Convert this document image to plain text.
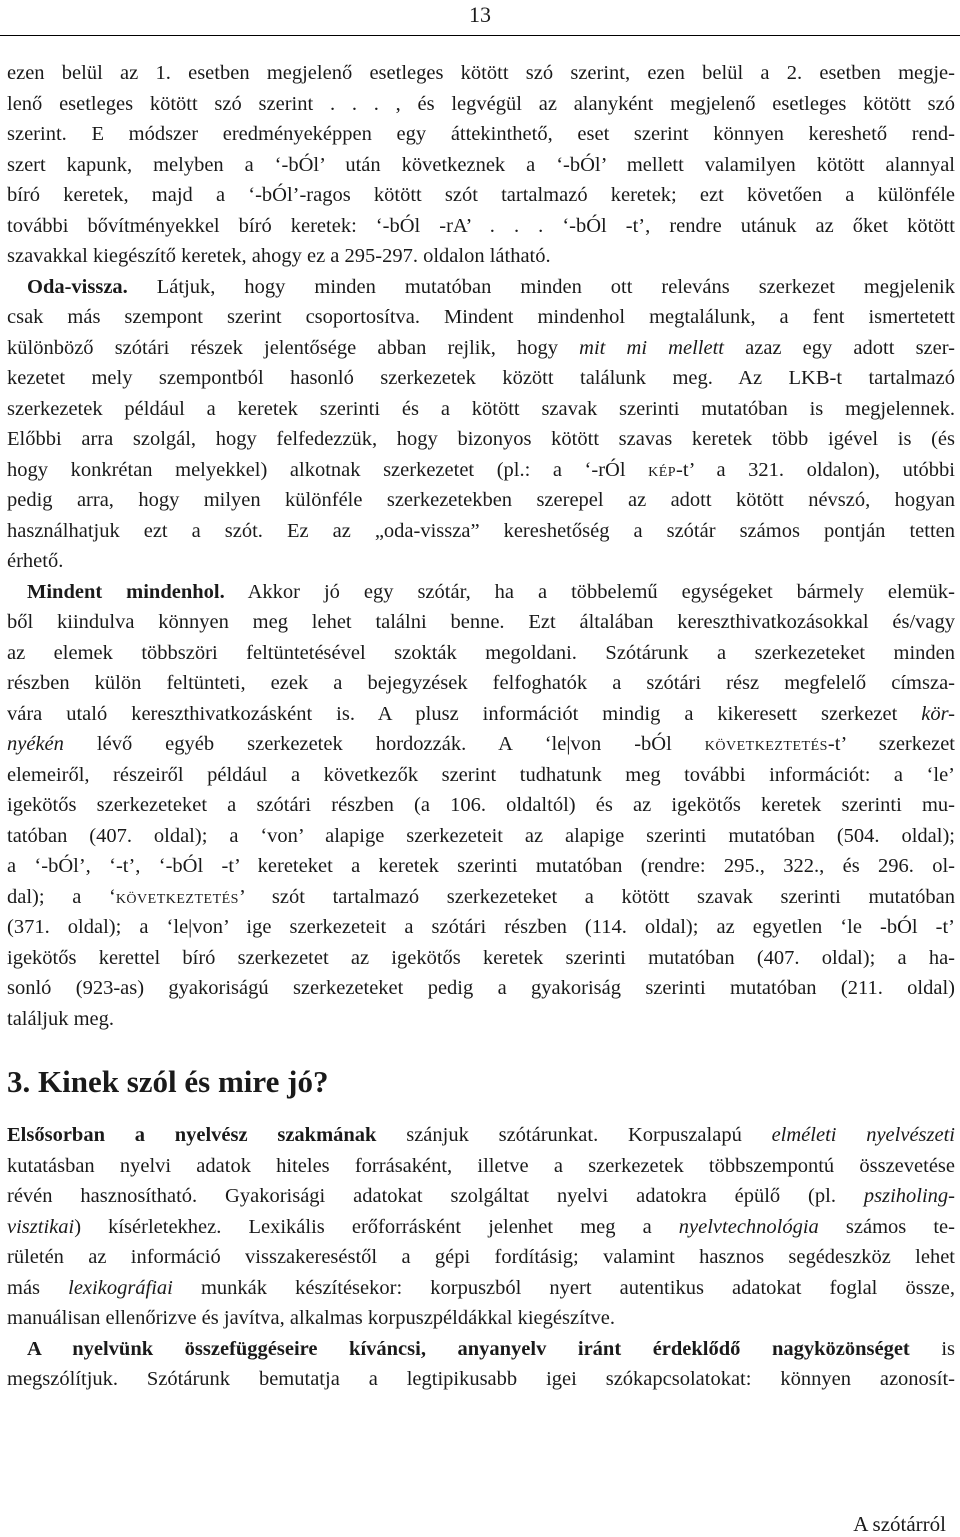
13
ezen belül az 1. esetben megjelenő esetleges kötött szó szerint, ezen belül a 2. esetben megje-
lenő esetleges kötött szó szerint . . . , és legvégül az alanyként megjelenő esetleges kötött szó
szerint. E módszer eredményeképpen egy áttekinthető, eset szerint könnyen kereshető rend-
szert kapunk, melyben a ‘-bÓl’ után következnek a ‘-bÓl’ mellett valamilyen kötött alannyal
bíró keretek, majd a ‘-bÓl’-ragos kötött szót tartalmazó keretek; ezt követően a különféle
további bővítményekkel bíró keretek: ‘-bÓl -rA’ . . . ‘-bÓl -t’, rendre utánuk az őket kötött
szavakkal kiegészítő keretek, ahogy ez a 295-297. oldalon látható.
Oda-vissza. Látjuk, hogy minden mutatóban minden ott releváns szerkezet megjelenik
csak más szempont szerint csoportosítva. Mindent mindenhol megtalálunk, a fent ismertetett
különböző szótári részek jelentősége abban rejlik, hogy mit mi mellett azaz egy adott szer-
kezetet mely szempontból hasonló szerkezetek között találunk meg. Az LKB-t tartalmazó
szerkezetek például a keretek szerinti és a kötött szavak szerinti mutatóban is megjelennek.
Előbbi arra szolgál, hogy felfedezzük, hogy bizonyos kötött szavas keretek több igével is (és
hogy konkrétan melyekkel) alkotnak szerkezetet (pl.: a ‘-rÓl kép-t’ a 321. oldalon), utóbbi
pedig arra, hogy milyen különféle szerkezetekben szerepel az adott kötött névszó, hogyan
használhatjuk ezt a szót. Ez az „oda-vissza” kereshetőség a szótár számos pontján tetten
érhető.
Mindent mindenhol. Akkor jó egy szótár, ha a többelemű egységeket bármely elemük-
ből kiindulva könnyen meg lehet találni benne. Ezt általában kereszthivatkozásokkal és/vagy
az elemek többszöri feltüntetésével szokták megoldani. Szótárunk a szerkezeteket minden
részben külön feltünteti, ezek a bejegyzések felfoghatók a szótári rész megfelelő címsza-
vára utaló kereszthivatkozásként is. A plusz információt mindig a kikeresett szerkezet kör-
nyékén lévő egyéb szerkezetek hordozzák. A ‘le|von -bÓl következtetés-t’ szerkezet
elemeiről, részeiről például a következők szerint tudhatunk meg további információt: a ‘le’
igekötős szerkezeteket a szótári részben (a 106. oldaltól) és az igekötős keretek szerinti mu-
tatóban (407. oldal); a ‘von’ alapige szerkezeteit az alapige szerinti mutatóban (504. oldal);
a ‘-bÓl’, ‘-t’, ‘-bÓl -t’ kereteket a keretek szerinti mutatóban (rendre: 295., 322., és 296. ol-
dal); a ‘következtetés’ szót tartalmazó szerkezeteket a kötött szavak szerinti mutatóban
(371. oldal); a ‘le|von’ ige szerkezeteit a szótári részben (114. oldal); az egyetlen ‘le -bÓl -t’
igekötős kerettel bíró szerkezetet az igekötős keretek szerinti mutatóban (407. oldal); a ha-
sonló (923-as) gyakoriságú szerkezeteket pedig a gyakoriság szerinti mutatóban (211. oldal)
találjuk meg.
3. Kinek szól és mire jó?
Elsősorban a nyelvész szakmának szánjuk szótárunkat. Korpuszalapú elméleti nyelvészeti
kutatásban nyelvi adatok hiteles forrásaként, illetve a szerkezetek többszempontú összevetése
révén hasznosítható. Gyakorisági adatokat szolgáltat nyelvi adatokra épülő (pl. psziholing-
visztikai) kísérletekhez. Lexikális erőforrásként jelenhet meg a nyelvtechnológia számos te-
rületén az információ visszakereséstől a gépi fordításig; valamint hasznos segédeszköz lehet
más lexikográfiai munkák készítésekor: korpuszból nyert autentikus adatokat foglal össze,
manuálisan ellenőrizve és javítva, alkalmas korpuszpéldákkal kiegészítve.
A nyelvünk összefüggéseire kíváncsi, anyanyelv iránt érdeklődő nagyközönséget is
megszólítjuk. Szótárunk bemutatja a legtipikusabb igei szókapcsolatokat: könnyen azonosít-
A szótárról
